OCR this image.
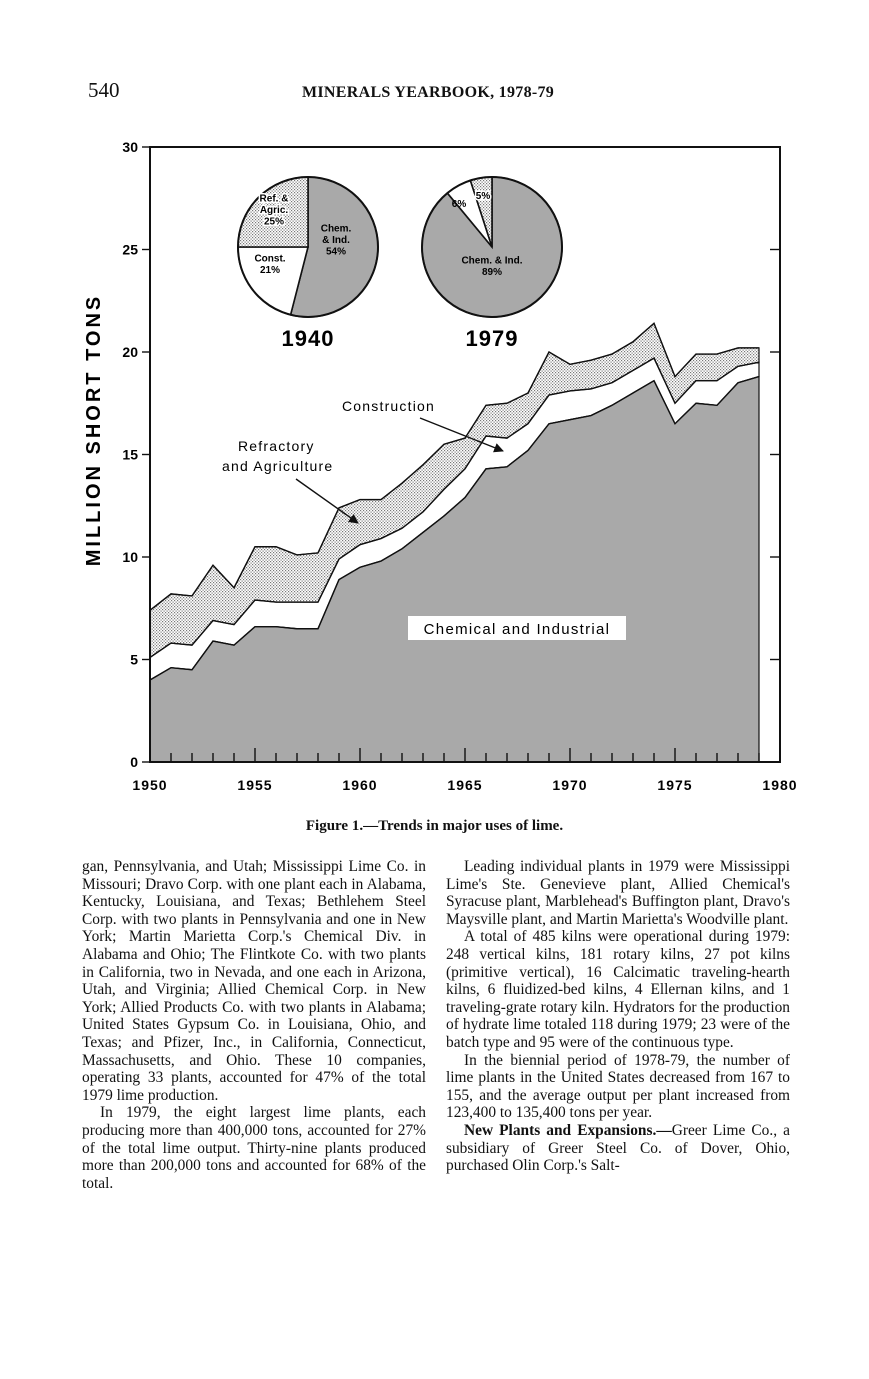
540	MINERALS YEARBOOK, 1978-79
0
5
10
15
20
25
30
1950	1955	1960	1965	1970	1975	1980
MILLION SHORT TONS
Chem.
& Ind.
54%
Const.
21%
Ref. &
Agric.
25%
1940
Chem. & Ind.
89%
6%
5%
1979
Construction
Refractory
and Agriculture
Chemical and Industrial
Figure 1.—Trends in major uses of lime.

gan, Pennsylvania, and Utah; Mississippi Lime Co. in Missouri; Dravo Corp. with one plant each in Alabama, Kentucky, Louisiana, and Texas; Bethlehem Steel Corp. with two plants in Pennsylvania and one in New York; Martin Marietta Corp.'s Chemical Div. in Alabama and Ohio; The Flintkote Co. with two plants in California, two in Nevada, and one each in Arizona, Utah, and Virginia; Allied Chemical Corp. in New York; Allied Products Co. with two plants in Alabama; United States Gypsum Co. in Louisiana, Ohio, and Texas; and Pfizer, Inc., in California, Connecticut, Massachusetts, and Ohio. These 10 companies, operating 33 plants, accounted for 47% of the total 1979 lime production.

In 1979, the eight largest lime plants, each producing more than 400,000 tons, accounted for 27% of the total lime output. Thirty-nine plants produced more than 200,000 tons and accounted for 68% of the total.

Leading individual plants in 1979 were Mississippi Lime's Ste. Genevieve plant, Allied Chemical's Syracuse plant, Marblehead's Buffington plant, Dravo's Maysville plant, and Martin Marietta's Woodville plant.

A total of 485 kilns were operational during 1979: 248 vertical kilns, 181 rotary kilns, 27 pot kilns (primitive vertical), 16 Calcimatic traveling-hearth kilns, 6 fluidized-bed kilns, 4 Ellernan kilns, and 1 traveling-grate rotary kiln. Hydrators for the production of hydrate lime totaled 118 during 1979; 23 were of the batch type and 95 were of the continuous type.

In the biennial period of 1978-79, the number of lime plants in the United States decreased from 167 to 155, and the average output per plant increased from 123,400 to 135,400 tons per year.

New Plants and Expansions.—Greer Lime Co., a subsidiary of Greer Steel Co. of Dover, Ohio, purchased Olin Corp.'s Salt-
